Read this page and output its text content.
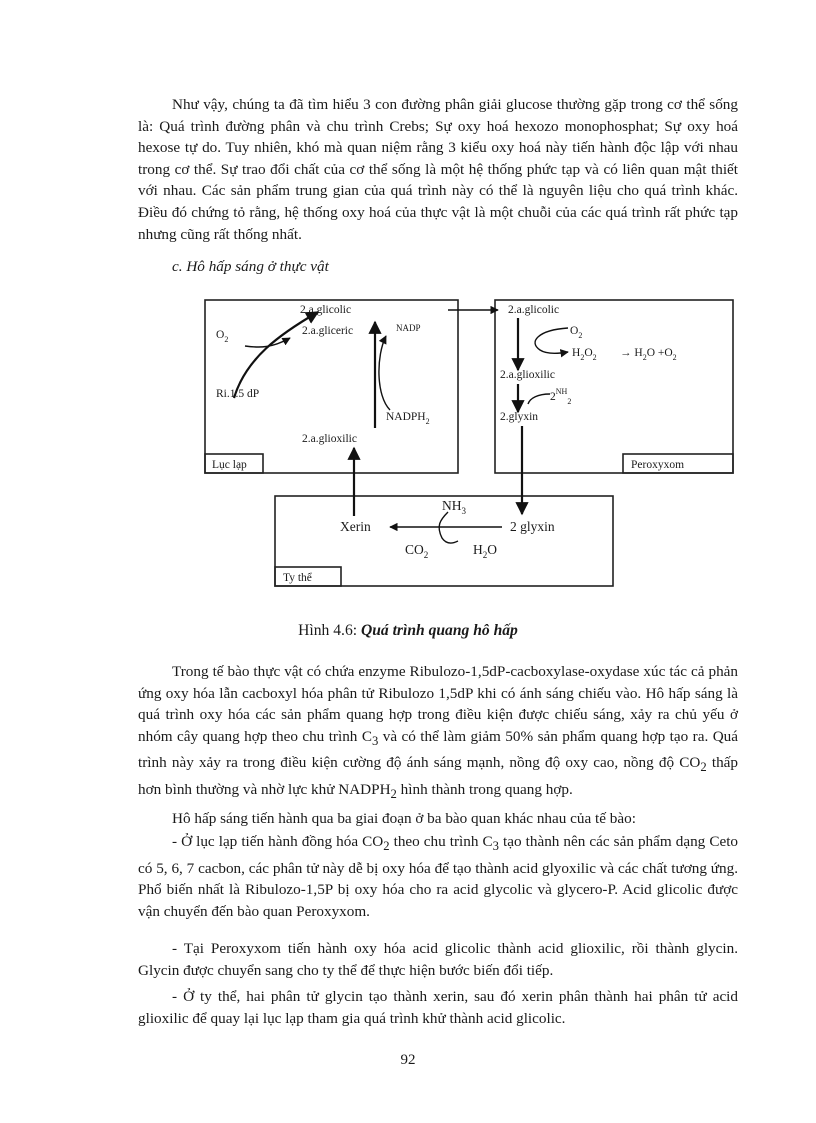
Như vậy, chúng ta đã tìm hiểu 3 con đường phân giải glucose thường gặp trong cơ thể sống là: Quá trình đường phân và chu trình Crebs; Sự oxy hoá hexozo monophosphat; Sự oxy hoá hexose tự do. Tuy nhiên, khó mà quan niệm rằng 3 kiểu oxy hoá này tiến hành độc lập với nhau trong cơ thể. Sự trao đổi chất của cơ thể sống là một hệ thống phức tạp và có liên quan mật thiết với nhau. Các sản phẩm trung gian của quá trình này có thể là nguyên liệu cho quá trình khác. Điều đó chứng tỏ rằng, hệ thống oxy hoá của thực vật là một chuỗi của các quá trình rất phức tạp nhưng cũng rất thống nhất.

c. Hô hấp sáng ở thực vật

Lục lạp
2 a.glicolic
$O_2$
2.a.gliceric	NADP
Ri.1.5 dP
$NADPH_2$
2.a.glioxilic
Peroxyxom
2.a.glicolic
$O_2$
$H_2O_2 \to H_2O +O_2$
2.a.glioxilic
$2^{NH}_2$
2.glyxin
Ty thể
$NH_3$
Xerin	2 glyxin
$CO_2$	$H_2O$

Hình 4.6: Quá trình quang hô hấp

Trong tế bào thực vật có chứa enzyme Ribulozo-1,5dP-cacboxylase-oxydase xúc tác cả phản ứng oxy hóa lẫn cacboxyl hóa phân tử Ribulozo 1,5dP khi có ánh sáng chiếu vào. Hô hấp sáng là quá trình oxy hóa các sản phẩm quang hợp trong điều kiện được chiếu sáng, xảy ra chủ yếu ở nhóm cây quang hợp theo chu trình $C_3$ và có thể làm giảm 50% sản phẩm quang hợp tạo ra. Quá trình này xảy ra trong điều kiện cường độ ánh sáng mạnh, nồng độ oxy cao, nồng độ $CO_2$ thấp hơn bình thường và nhờ lực khử $NADPH_2$ hình thành trong quang hợp.

Hô hấp sáng tiến hành qua ba giai đoạn ở ba bào quan khác nhau của tế bào:

- Ở lục lạp tiến hành đồng hóa $CO_2$ theo chu trình $C_3$ tạo thành nên các sản phẩm dạng Ceto có 5, 6, 7 cacbon, các phân tử này dễ bị oxy hóa để tạo thành acid glyoxilic và các chất tương ứng. Phổ biến nhất là Ribulozo-1,5P bị oxy hóa cho ra acid glycolic và glycero-P. Acid glicolic được vận chuyển đến bào quan Peroxyxom.

- Tại Peroxyxom tiến hành oxy hóa acid glicolic thành acid glioxilic, rồi thành glycin. Glycin được chuyển sang cho ty thể để thực hiện bước biến đổi tiếp.

- Ở ty thể, hai phân tử glycin tạo thành xerin, sau đó xerin phân thành hai phân tử acid glioxilic để quay lại lục lạp tham gia quá trình khử thành acid glicolic.

92
